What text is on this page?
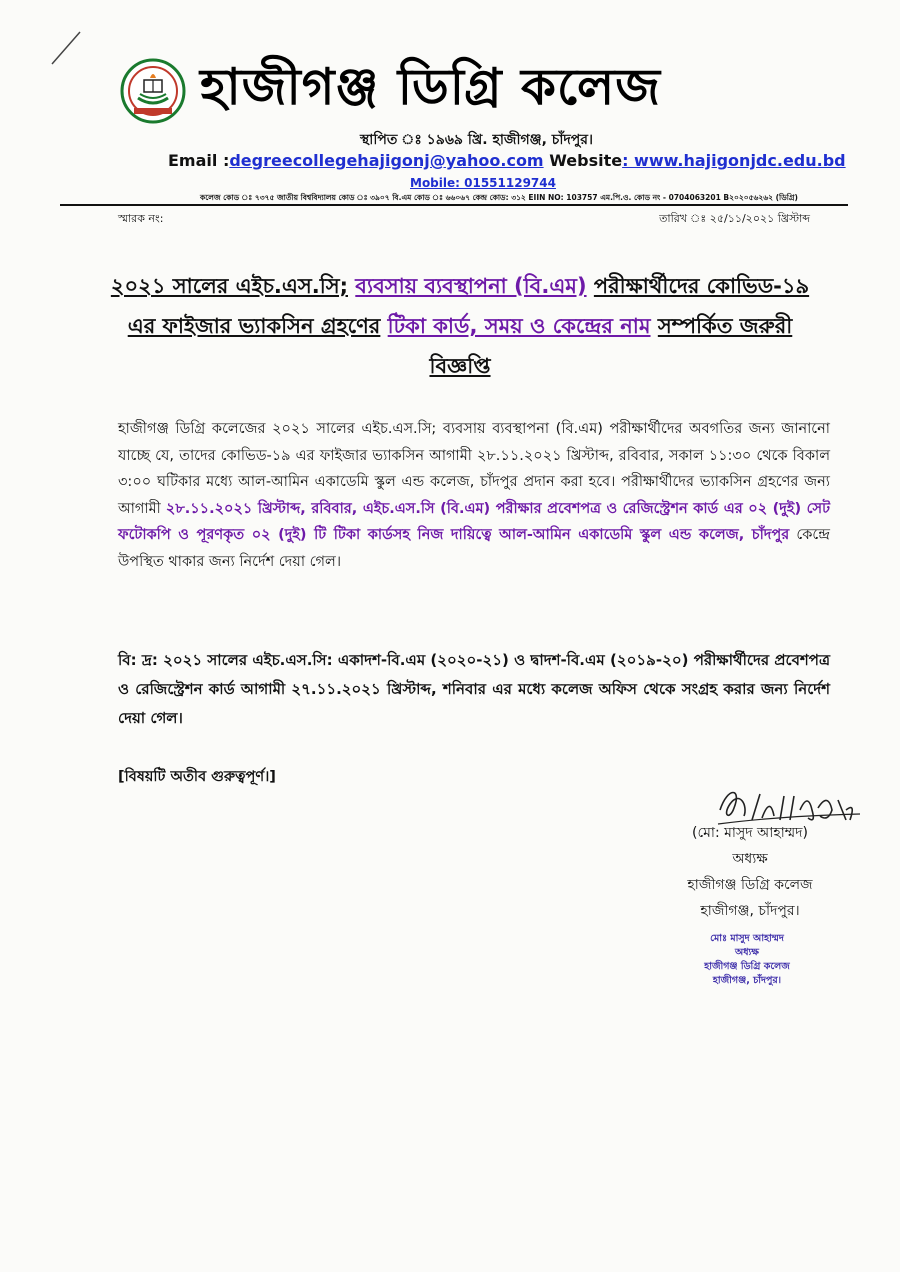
হাজীগঞ্জ ডিগ্রি কলেজ
স্থাপিত ঃ ১৯৬৯ খ্রি. হাজীগঞ্জ, চাঁদপুর।
Email :degreecollegehajigonj@yahoo.com Website: www.hajigonjdc.edu.bd
Mobile: 01551129744
কলেজ কোড ঃ ৭৩৭৫ জাতীয় বিশ্ববিদ্যালয় কোড ঃ ৩৯০৭ বি.এম কোড ঃ ৬৬০৬৭ কেন্দ্র কোড: ৩১২ EIIN NO: 103757 এম.পি.ও. কোড নং - 0704063201 B২০২০৫৬২৬২ (ডিগ্রি)
স্মারক নং:	তারিখ ঃ ২৫/১১/২০২১ খ্রিস্টাব্দ
২০২১ সালের এইচ.এস.সি; ব্যবসায় ব্যবস্থাপনা (বি.এম) পরীক্ষার্থীদের কোভিড-১৯ এর ফাইজার ভ্যাকসিন গ্রহণের টিকা কার্ড, সময় ও কেন্দ্রের নাম সম্পর্কিত জরুরী বিজ্ঞপ্তি
হাজীগঞ্জ ডিগ্রি কলেজের ২০২১ সালের এইচ.এস.সি; ব্যবসায় ব্যবস্থাপনা (বি.এম) পরীক্ষার্থীদের অবগতির জন্য জানানো যাচ্ছে যে, তাদের কোভিড-১৯ এর ফাইজার ভ্যাকসিন আগামী ২৮.১১.২০২১ খ্রিস্টাব্দ, রবিবার, সকাল ১১:৩০ থেকে বিকাল ৩:০০ ঘটিকার মধ্যে আল-আমিন একাডেমি স্কুল এন্ড কলেজ, চাঁদপুর প্রদান করা হবে। পরীক্ষার্থীদের ভ্যাকসিন গ্রহণের জন্য আগামী ২৮.১১.২০২১ খ্রিস্টাব্দ, রবিবার, এইচ.এস.সি (বি.এম) পরীক্ষার প্রবেশপত্র ও রেজিস্ট্রেশন কার্ড এর ০২ (দুই) সেট ফটোকপি ও পূরণকৃত ০২ (দুই) টি টিকা কার্ডসহ নিজ দায়িত্বে আল-আমিন একাডেমি স্কুল এন্ড কলেজ, চাঁদপুর কেন্দ্রে উপস্থিত থাকার জন্য নির্দেশ দেয়া গেল।
বি: দ্র: ২০২১ সালের এইচ.এস.সি: একাদশ-বি.এম (২০২০-২১) ও দ্বাদশ-বি.এম (২০১৯-২০) পরীক্ষার্থীদের প্রবেশপত্র ও রেজিস্ট্রেশন কার্ড আগামী ২৭.১১.২০২১ খ্রিস্টাব্দ, শনিবার এর মধ্যে কলেজ অফিস থেকে সংগ্রহ করার জন্য নির্দেশ দেয়া গেল।
[বিষয়টি অতীব গুরুত্বপূর্ণ।]
(মো: মাসুদ আহাম্মদ)
অধ্যক্ষ
হাজীগঞ্জ ডিগ্রি কলেজ
হাজীগঞ্জ, চাঁদপুর।
মোঃ মাসুদ আহাম্মদ
অধ্যক্ষ
হাজীগঞ্জ ডিগ্রি কলেজ
হাজীগঞ্জ, চাঁদপুর।
